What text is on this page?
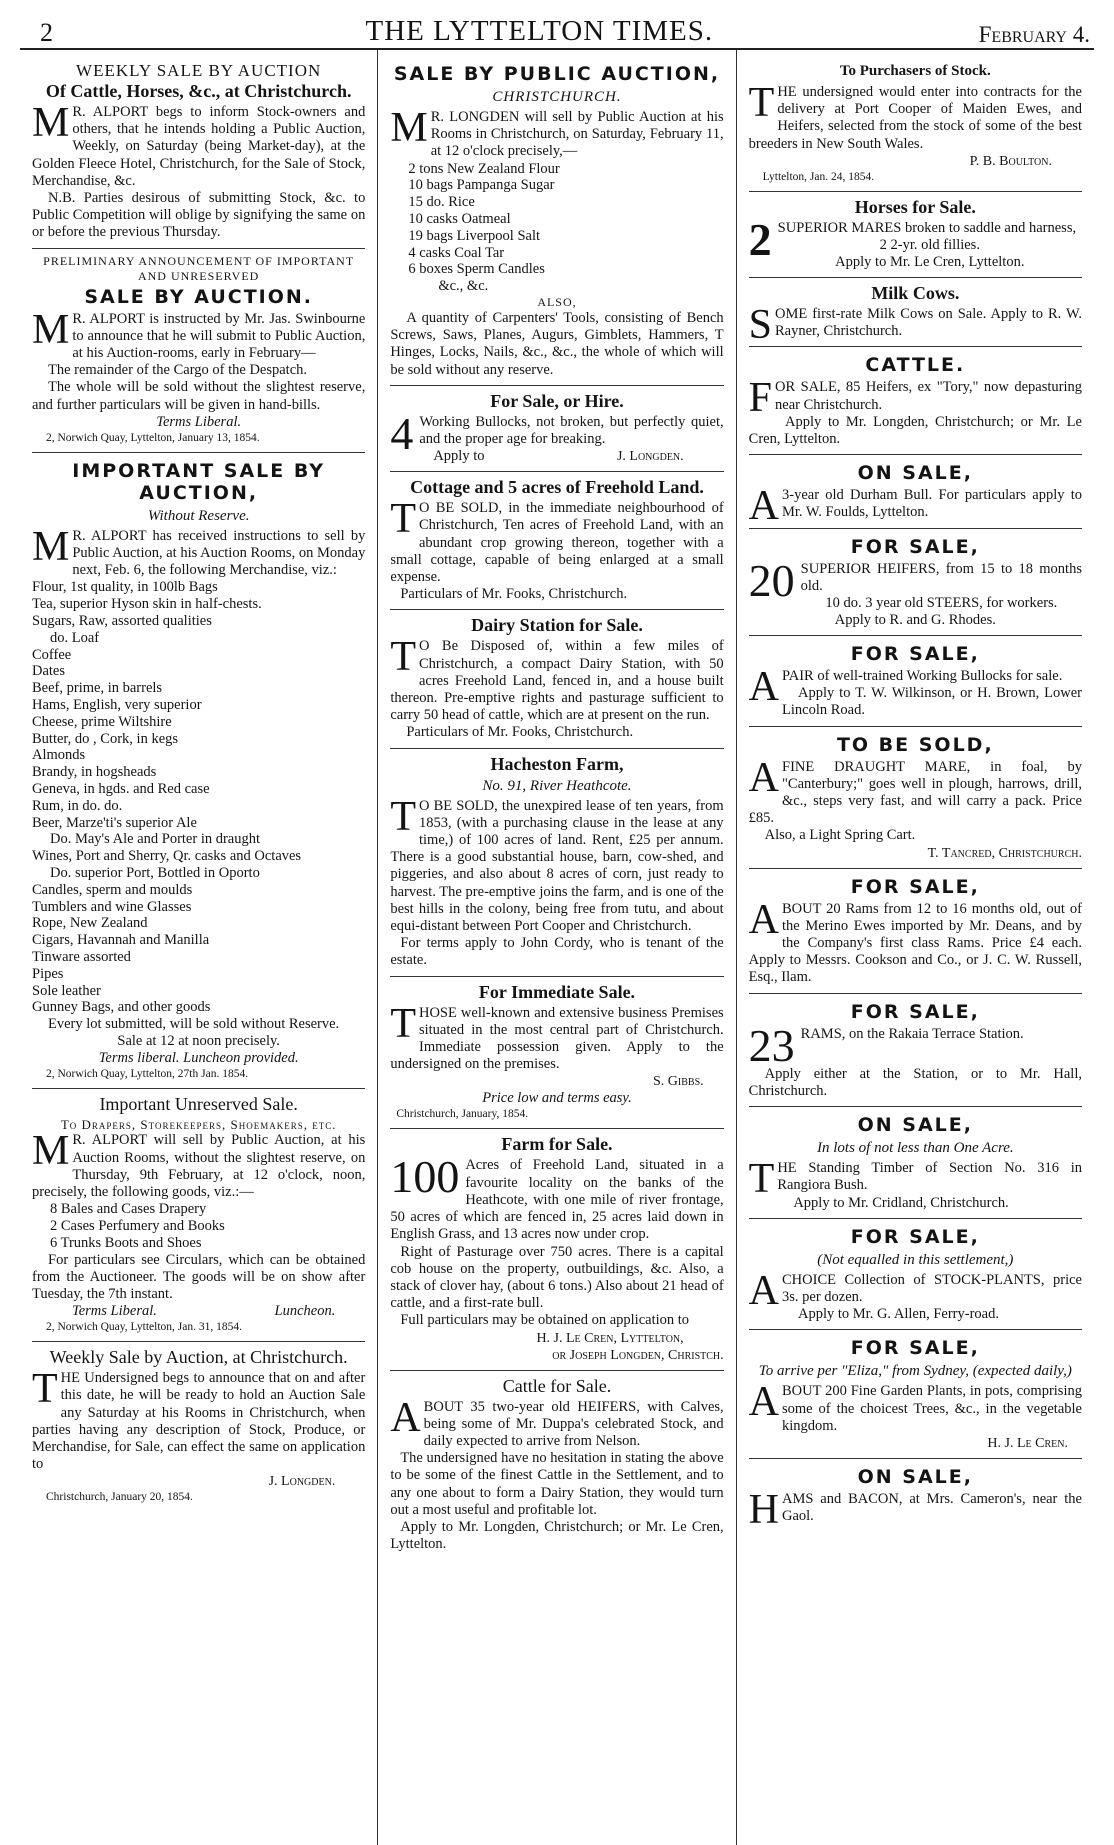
2	THE LYTTELTON TIMES.	February 4.
WEEKLY SALE BY AUCTION
Of Cattle, Horses, &c., at Christchurch.

MR. ALPORT begs to inform Stock-owners and others, that he intends holding a Public Auction, Weekly, on Saturday (being Market-day), at the Golden Fleece Hotel, Christchurch, for the Sale of Stock, Merchandise, &c.

N.B. Parties desirous of submitting Stock, &c. to Public Competition will oblige by signifying the same on or before the previous Thursday.

PRELIMINARY ANNOUNCEMENT OF IMPORTANT AND UNRESERVED
SALE BY AUCTION.

MR. ALPORT is instructed by Mr. Jas. Swinbourne to announce that he will submit to Public Auction, at his Auction-rooms, early in February—

The remainder of the Cargo of the Despatch.

The whole will be sold without the slightest reserve, and further particulars will be given in hand-bills.

Terms Liberal.
2, Norwich Quay, Lyttelton, January 13, 1854.
IMPORTANT SALE BY AUCTION,
Without Reserve.

MR. ALPORT has received instructions to sell by Public Auction, at his Auction Rooms, on Monday next, Feb. 6, the following Merchandise, viz.:

Flour, 1st quality, in 100lb Bags
Tea, superior Hyson skin in half-chests.
Sugars, Raw, assorted qualities
do. Loaf
Coffee
Dates
Beef, prime, in barrels
Hams, English, very superior
Cheese, prime Wiltshire
Butter, do , Cork, in kegs
Almonds
Brandy, in hogsheads
Geneva, in hgds. and Red case
Rum, in do. do.
Beer, Marze'ti's superior Ale
Do. May's Ale and Porter in draught
Wines, Port and Sherry, Qr. casks and Octaves
Do. superior Port, Bottled in Oporto
Candles, sperm and moulds
Tumblers and wine Glasses
Rope, New Zealand
Cigars, Havannah and Manilla
Tinware assorted
Pipes
Sole leather
Gunney Bags, and other goods

Every lot submitted, will be sold without Reserve.

Sale at 12 at noon precisely.
Terms liberal. Luncheon provided.
2, Norwich Quay, Lyttelton, 27th Jan. 1854.
Important Unreserved Sale.
To Drapers, Storekeepers, Shoemakers, etc.

MR. ALPORT will sell by Public Auction, at his Auction Rooms, without the slightest reserve, on Thursday, 9th February, at 12 o'clock, noon, precisely, the following goods, viz.:—

8 Bales and Cases Drapery
2 Cases Perfumery and Books
6 Trunks Boots and Shoes

For particulars see Circulars, which can be obtained from the Auctioneer. The goods will be on show after Tuesday, the 7th instant.

Terms Liberal.	Luncheon.
2, Norwich Quay, Lyttelton, Jan. 31, 1854.
Weekly Sale by Auction, at Christchurch.

THE Undersigned begs to announce that on and after this date, he will be ready to hold an Auction Sale any Saturday at his Rooms in Christchurch, when parties having any description of Stock, Produce, or Merchandise, for Sale, can effect the same on application to

J. Longden.
Christchurch, January 20, 1854.
SALE BY PUBLIC AUCTION,
CHRISTCHURCH.

MR. LONGDEN will sell by Public Auction at his Rooms in Christchurch, on Saturday, February 11, at 12 o'clock precisely,—

2 tons New Zealand Flour
10 bags Pampanga Sugar
15 do. Rice
10 casks Oatmeal
19 bags Liverpool Salt
4 casks Coal Tar
6 boxes Sperm Candles
&c., &c.
ALSO,

A quantity of Carpenters' Tools, consisting of Bench Screws, Saws, Planes, Augurs, Gimblets, Hammers, T Hinges, Locks, Nails, &c., &c., the whole of which will be sold without any reserve.

For Sale, or Hire.

4 Working Bullocks, not broken, but perfectly quiet, and the proper age for breaking.

Apply to	J. Longden.
Cottage and 5 acres of Freehold Land.

TO BE SOLD, in the immediate neighbourhood of Christchurch, Ten acres of Freehold Land, with an abundant crop growing thereon, together with a small cottage, capable of being enlarged at a small expense.

Particulars of Mr. Fooks, Christchurch.

Dairy Station for Sale.

TO Be Disposed of, within a few miles of Christchurch, a compact Dairy Station, with 50 acres Freehold Land, fenced in, and a house built thereon. Pre-emptive rights and pasturage sufficient to carry 50 head of cattle, which are at present on the run.

Particulars of Mr. Fooks, Christchurch.

Hacheston Farm,
No. 91, River Heathcote.

TO BE SOLD, the unexpired lease of ten years, from 1853, (with a purchasing clause in the lease at any time,) of 100 acres of land. Rent, £25 per annum. There is a good substantial house, barn, cow-shed, and piggeries, and also about 8 acres of corn, just ready to harvest. The pre-emptive joins the farm, and is one of the best hills in the colony, being free from tutu, and about equi-distant between Port Cooper and Christchurch.

For terms apply to John Cordy, who is tenant of the estate.

For Immediate Sale.

THOSE well-known and extensive business Premises situated in the most central part of Christchurch. Immediate possession given. Apply to the undersigned on the premises.

S. Gibbs.
Price low and terms easy.
Christchurch, January, 1854.
Farm for Sale.

100 Acres of Freehold Land, situated in a favourite locality on the banks of the Heathcote, with one mile of river frontage, 50 acres of which are fenced in, 25 acres laid down in English Grass, and 13 acres now under crop.

Right of Pasturage over 750 acres. There is a capital cob house on the property, outbuildings, &c. Also, a stack of clover hay, (about 6 tons.) Also about 21 head of cattle, and a first-rate bull.

Full particulars may be obtained on application to

H. J. Le Cren, Lyttelton,
or Joseph Longden, Christch.
Cattle for Sale.

ABOUT 35 two-year old HEIFERS, with Calves, being some of Mr. Duppa's celebrated Stock, and daily expected to arrive from Nelson.

The undersigned have no hesitation in stating the above to be some of the finest Cattle in the Settlement, and to any one about to form a Dairy Station, they would turn out a most useful and profitable lot.

Apply to Mr. Longden, Christchurch; or Mr. Le Cren, Lyttelton.

To Purchasers of Stock.

THE undersigned would enter into contracts for the delivery at Port Cooper of Maiden Ewes, and Heifers, selected from the stock of some of the best breeders in New South Wales.

P. B. Boulton.
Lyttelton, Jan. 24, 1854.
Horses for Sale.

2 SUPERIOR MARES broken to saddle and harness,

2 2-yr. old fillies.
Apply to Mr. Le Cren, Lyttelton.
Milk Cows.

SOME first-rate Milk Cows on Sale. Apply to R. W. Rayner, Christchurch.

CATTLE.

FOR SALE, 85 Heifers, ex "Tory," now depasturing near Christchurch.

Apply to Mr. Longden, Christchurch; or Mr. Le Cren, Lyttelton.

ON SALE,

A3-year old Durham Bull. For particulars apply to Mr. W. Foulds, Lyttelton.

FOR SALE,

20 SUPERIOR HEIFERS, from 15 to 18 months old.

10 do. 3 year old STEERS, for workers.
Apply to R. and G. Rhodes.
FOR SALE,

APAIR of well-trained Working Bullocks for sale.

Apply to T. W. Wilkinson, or H. Brown, Lower Lincoln Road.

TO BE SOLD,

AFINE DRAUGHT MARE, in foal, by "Canterbury;" goes well in plough, harrows, drill, &c., steps very fast, and will carry a pack. Price £85.

Also, a Light Spring Cart.

T. Tancred, Christchurch.
FOR SALE,

ABOUT 20 Rams from 12 to 16 months old, out of the Merino Ewes imported by Mr. Deans, and by the Company's first class Rams. Price £4 each. Apply to Messrs. Cookson and Co., or J. C. W. Russell, Esq., Ilam.

FOR SALE,

23 RAMS, on the Rakaia Terrace Station.

Apply either at the Station, or to Mr. Hall, Christchurch.

ON SALE,
In lots of not less than One Acre.

THE Standing Timber of Section No. 316 in Rangiora Bush.

Apply to Mr. Cridland, Christchurch.

FOR SALE,
(Not equalled in this settlement,)

ACHOICE Collection of STOCK-PLANTS, price 3s. per dozen.

Apply to Mr. G. Allen, Ferry-road.

FOR SALE,
To arrive per "Eliza," from Sydney, (expected daily,)

ABOUT 200 Fine Garden Plants, in pots, comprising some of the choicest Trees, &c., in the vegetable kingdom.

H. J. Le Cren.
ON SALE,

HAMS and BACON, at Mrs. Cameron's, near the Gaol.
